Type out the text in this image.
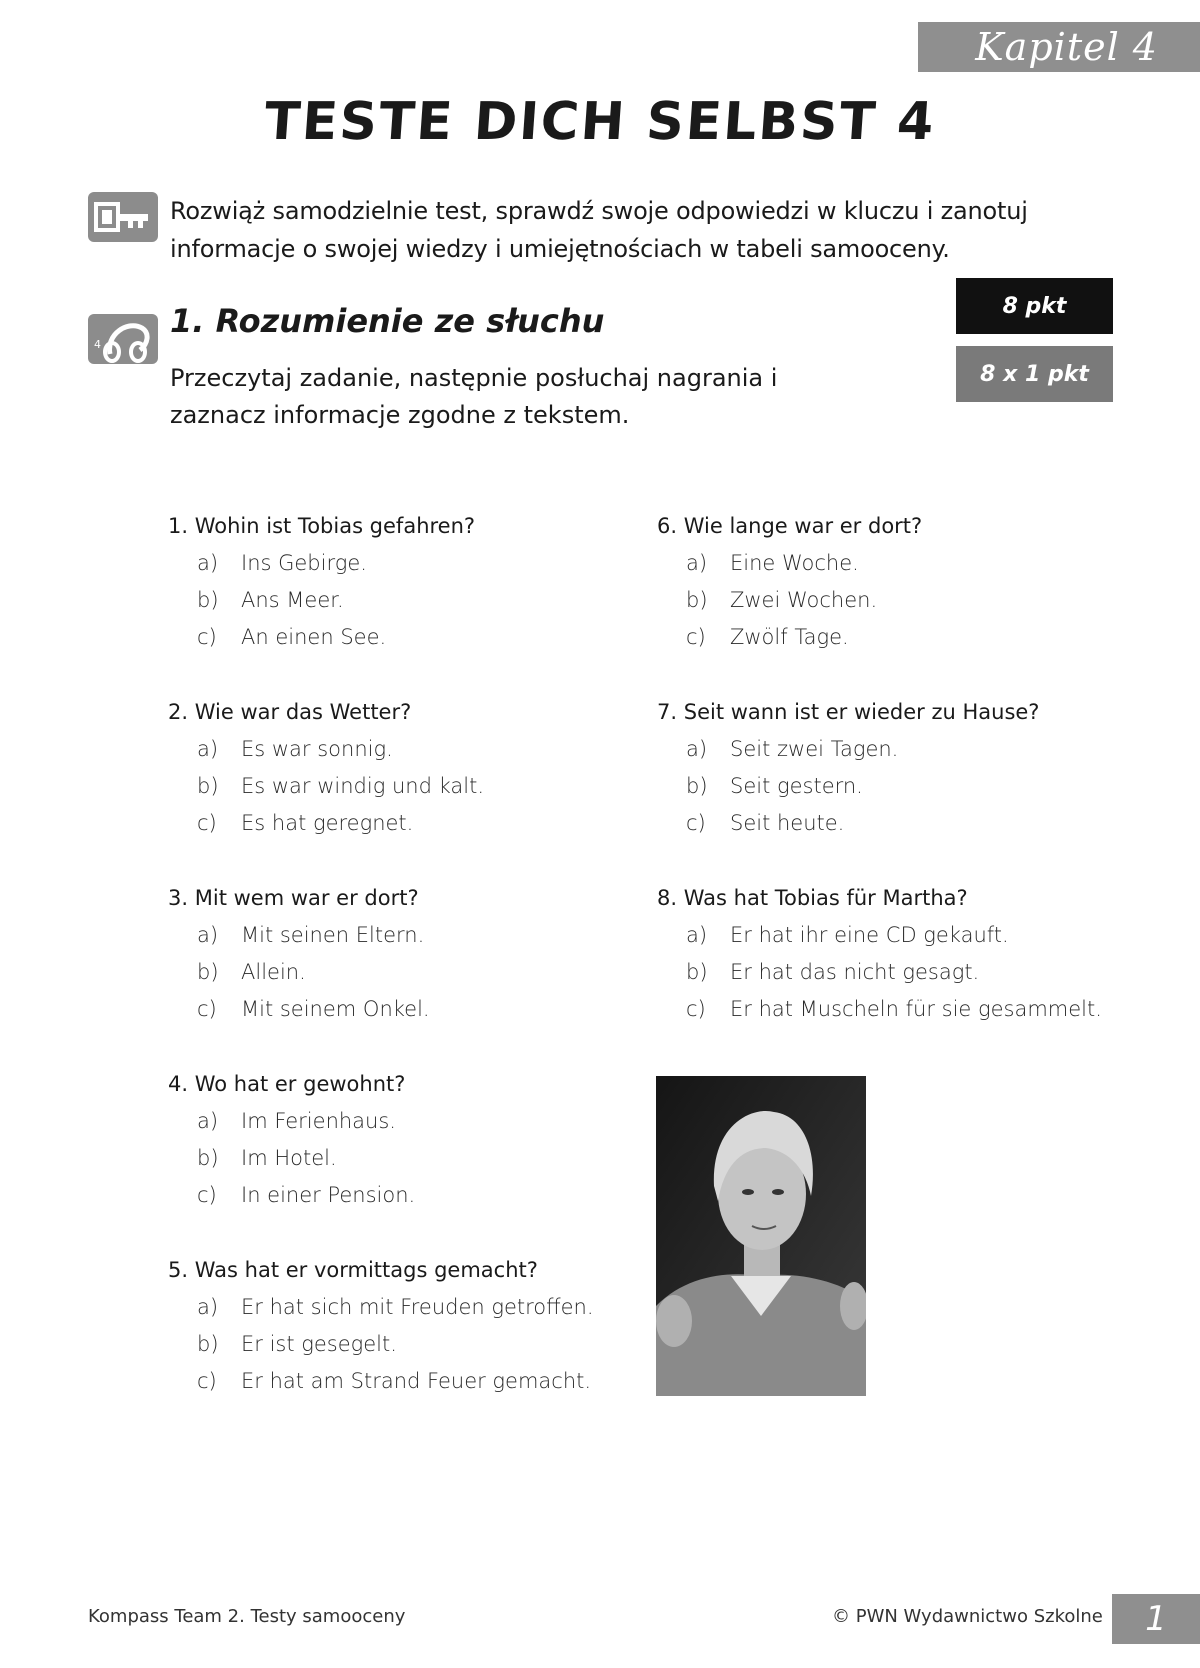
Kapitel 4
TESTE DICH SELBST 4
Rozwiąż samodzielnie test, sprawdź swoje odpowiedzi w kluczu i zanotuj informacje o swojej wiedzy i umiejętnościach w tabeli samooceny.
4
1. Rozumienie ze słuchu
Przeczytaj zadanie, następnie posłuchaj nagrania i zaznacz informacje zgodne z tekstem.
8 pkt
8 x 1 pkt
1. Wohin ist Tobias gefahren?
a)	Ins Gebirge.
b)	Ans Meer.
c)	An einen See.
2. Wie war das Wetter?
a)	Es war sonnig.
b)	Es war windig und kalt.
c)	Es hat geregnet.
3. Mit wem war er dort?
a)	Mit seinen Eltern.
b)	Allein.
c)	Mit seinem Onkel.
4. Wo hat er gewohnt?
a)	Im Ferienhaus.
b)	Im Hotel.
c)	In einer Pension.
5. Was hat er vormittags gemacht?
a)	Er hat sich mit Freuden getroffen.
b)	Er ist gesegelt.
c)	Er hat am Strand Feuer gemacht.
6. Wie lange war er dort?
a)	Eine Woche.
b)	Zwei Wochen.
c)	Zwölf Tage.
7. Seit wann ist er wieder zu Hause?
a)	Seit zwei Tagen.
b)	Seit gestern.
c)	Seit heute.
8. Was hat Tobias für Martha?
a)	Er hat ihr eine CD gekauft.
b)	Er hat das nicht gesagt.
c)	Er hat Muscheln für sie gesammelt.
Kompass Team 2. Testy samooceny	© PWN Wydawnictwo Szkolne	1
